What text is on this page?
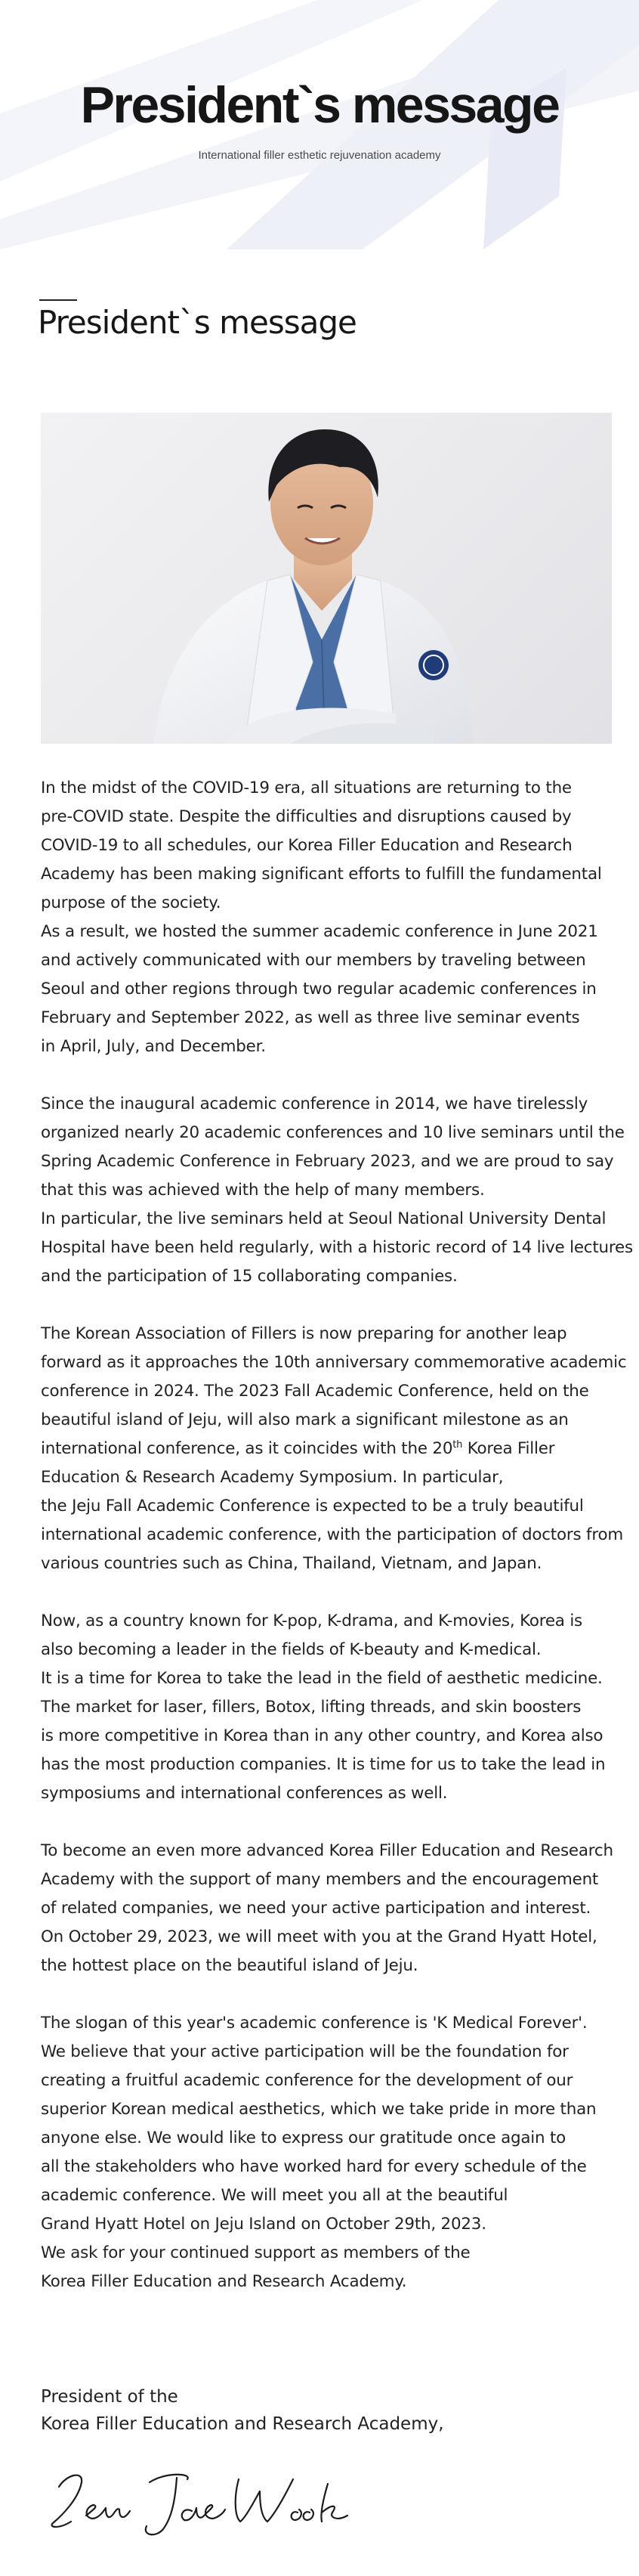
President`s message
International filler esthetic rejuvenation academy
President`s message

In the midst of the COVID-19 era, all situations are returning to the
pre-COVID state. Despite the difficulties and disruptions caused by
COVID-19 to all schedules, our Korea Filler Education and Research
Academy has been making significant efforts to fulfill the fundamental
purpose of the society.
As a result, we hosted the summer academic conference in June 2021
and actively communicated with our members by traveling between
Seoul and other regions through two regular academic conferences in
February and September 2022, as well as three live seminar events
in April, July, and December.

Since the inaugural academic conference in 2014, we have tirelessly
organized nearly 20 academic conferences and 10 live seminars until the
Spring Academic Conference in February 2023, and we are proud to say
that this was achieved with the help of many members.
In particular, the live seminars held at Seoul National University Dental
Hospital have been held regularly, with a historic record of 14 live lectures
and the participation of 15 collaborating companies.

The Korean Association of Fillers is now preparing for another leap
forward as it approaches the 10th anniversary commemorative academic
conference in 2024. The 2023 Fall Academic Conference, held on the
beautiful island of Jeju, will also mark a significant milestone as an
international conference, as it coincides with the 20th Korea Filler
Education & Research Academy Symposium. In particular,
the Jeju Fall Academic Conference is expected to be a truly beautiful
international academic conference, with the participation of doctors from
various countries such as China, Thailand, Vietnam, and Japan.

Now, as a country known for K-pop, K-drama, and K-movies, Korea is
also becoming a leader in the fields of K-beauty and K-medical.
It is a time for Korea to take the lead in the field of aesthetic medicine.
The market for laser, fillers, Botox, lifting threads, and skin boosters
is more competitive in Korea than in any other country, and Korea also
has the most production companies. It is time for us to take the lead in
symposiums and international conferences as well.

To become an even more advanced Korea Filler Education and Research
Academy with the support of many members and the encouragement
of related companies, we need your active participation and interest.
On October 29, 2023, we will meet with you at the Grand Hyatt Hotel,
the hottest place on the beautiful island of Jeju.

The slogan of this year's academic conference is 'K Medical Forever'.
We believe that your active participation will be the foundation for
creating a fruitful academic conference for the development of our
superior Korean medical aesthetics, which we take pride in more than
anyone else. We would like to express our gratitude once again to
all the stakeholders who have worked hard for every schedule of the
academic conference. We will meet you all at the beautiful
Grand Hyatt Hotel on Jeju Island on October 29th, 2023.
We ask for your continued support as members of the
Korea Filler Education and Research Academy.

President of the
Korea Filler Education and Research Academy,
